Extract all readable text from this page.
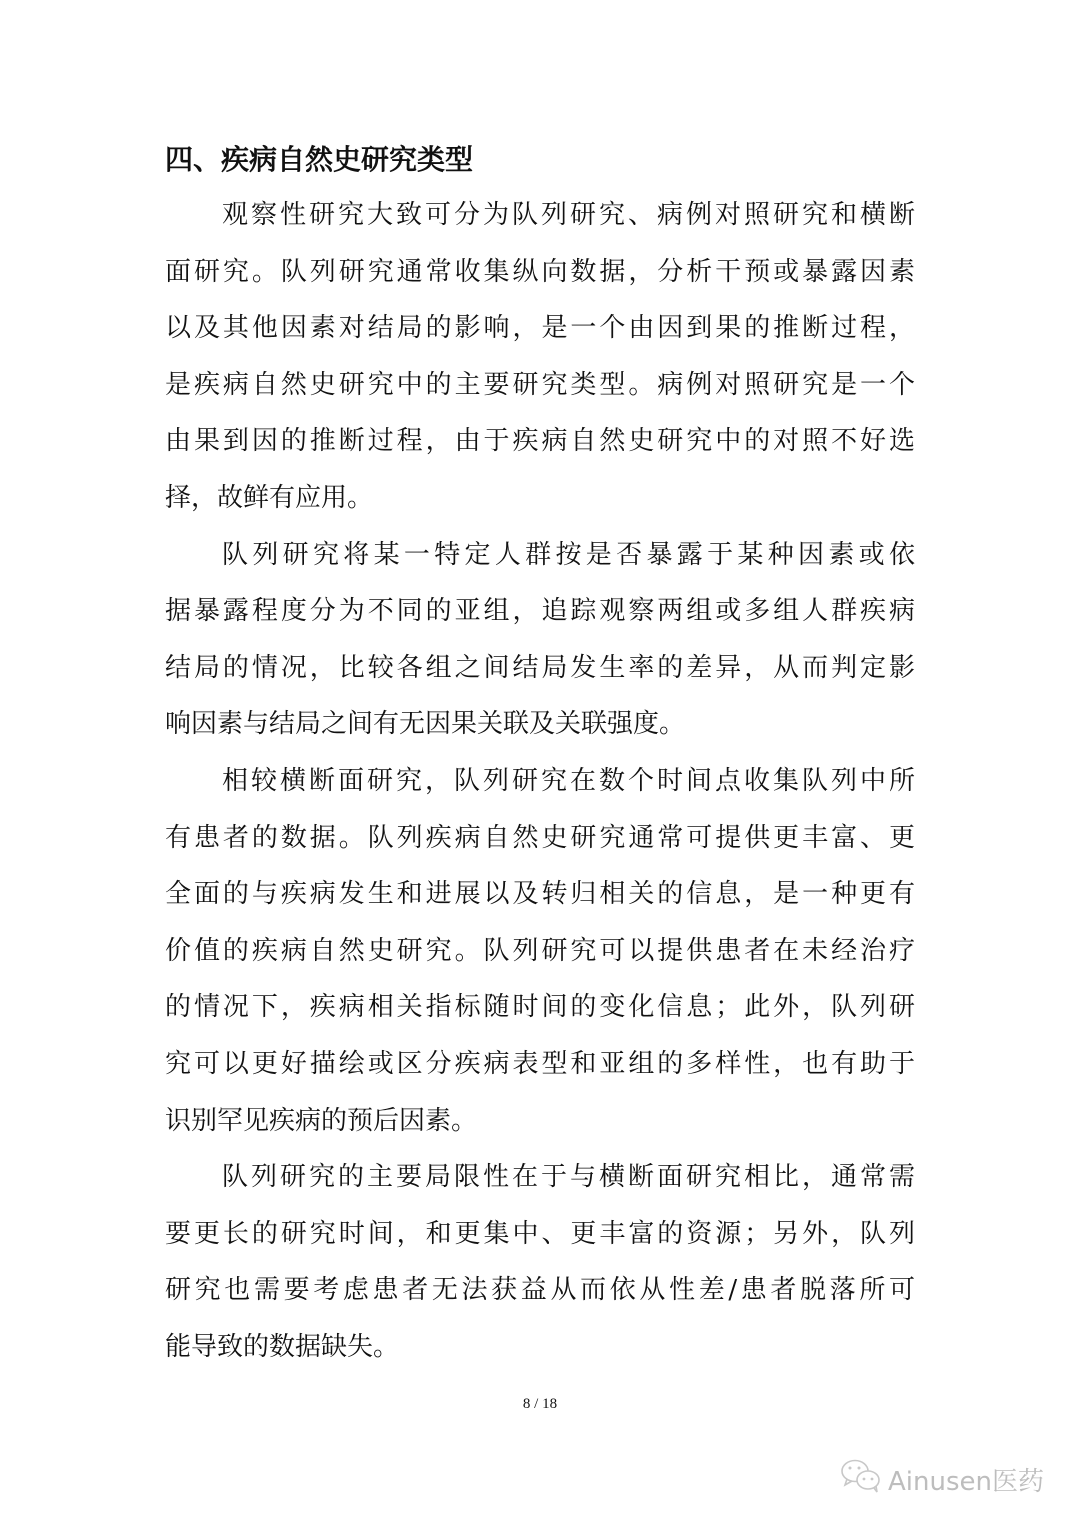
四、疾病自然史研究类型
观察性研究大致可分为队列研究、病例对照研究和横断
面研究。队列研究通常收集纵向数据，分析干预或暴露因素
以及其他因素对结局的影响，是一个由因到果的推断过程，
是疾病自然史研究中的主要研究类型。病例对照研究是一个
由果到因的推断过程，由于疾病自然史研究中的对照不好选
择，故鲜有应用。
队列研究将某一特定人群按是否暴露于某种因素或依
据暴露程度分为不同的亚组，追踪观察两组或多组人群疾病
结局的情况，比较各组之间结局发生率的差异，从而判定影
响因素与结局之间有无因果关联及关联强度。
相较横断面研究，队列研究在数个时间点收集队列中所
有患者的数据。队列疾病自然史研究通常可提供更丰富、更
全面的与疾病发生和进展以及转归相关的信息，是一种更有
价值的疾病自然史研究。队列研究可以提供患者在未经治疗
的情况下，疾病相关指标随时间的变化信息；此外，队列研
究可以更好描绘或区分疾病表型和亚组的多样性，也有助于
识别罕见疾病的预后因素。
队列研究的主要局限性在于与横断面研究相比，通常需
要更长的研究时间，和更集中、更丰富的资源；另外，队列
研究也需要考虑患者无法获益从而依从性差/患者脱落所可
能导致的数据缺失。
8 / 18
Ainusen医药
